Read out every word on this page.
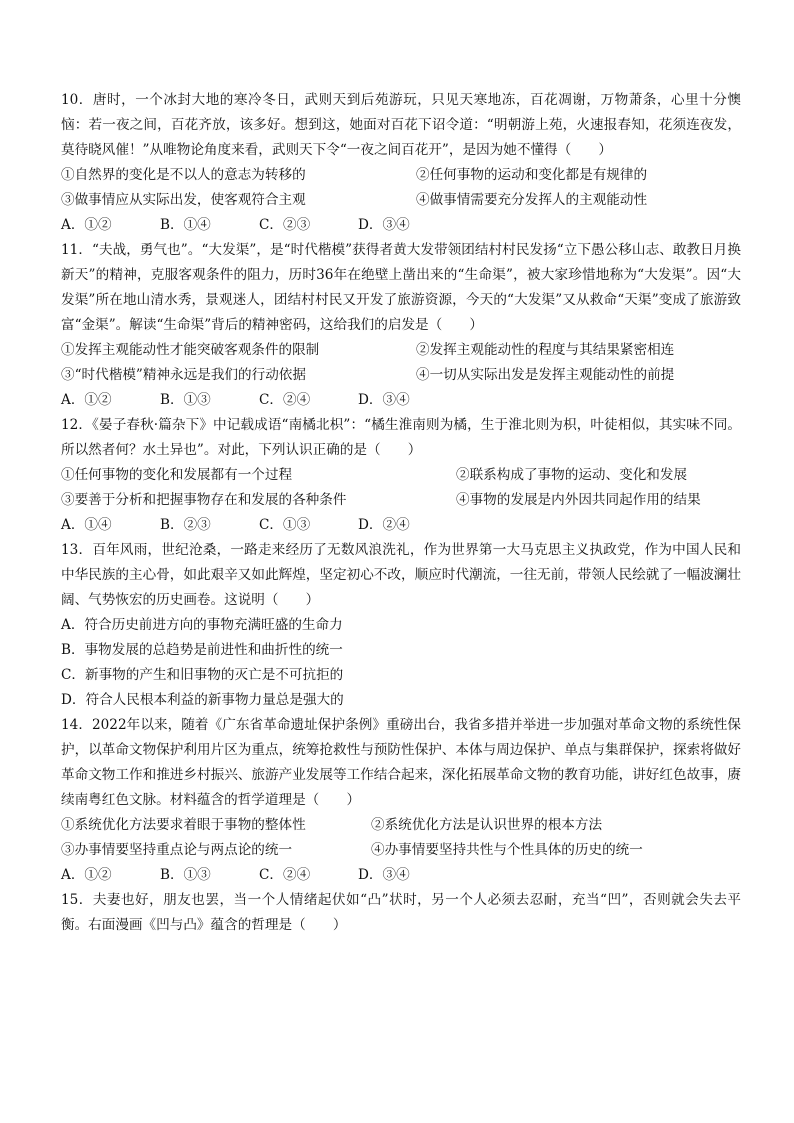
10．唐时，一个冰封大地的寒冷冬日，武则天到后苑游玩，只见天寒地冻，百花凋谢，万物萧条，心里十分懊恼：若一夜之间，百花齐放，该多好。想到这，她面对百花下诏令道：“明朝游上苑，火速报春知，花须连夜发，莫待晓风催！”从唯物论角度来看，武则天下令“一夜之间百花开”，是因为她不懂得（　　）

①自然界的变化是不以人的意志为转移的	②任何事物的运动和变化都是有规律的
③做事情应从实际出发，使客观符合主观	④做事情需要充分发挥人的主观能动性
A．①②	B．①④	C．②③	D．③④

11．“夫战，勇气也”。“大发渠”，是“时代楷模”获得者黄大发带领团结村村民发扬“立下愚公移山志、敢教日月换新天”的精神，克服客观条件的阻力，历时36年在绝壁上凿出来的“生命渠”，被大家珍惜地称为“大发渠”。因“大发渠”所在地山清水秀，景观迷人，团结村村民又开发了旅游资源，今天的“大发渠”又从救命“天渠”变成了旅游致富“金渠”。解读“生命渠”背后的精神密码，这给我们的启发是（　　）

①发挥主观能动性才能突破客观条件的限制	②发挥主观能动性的程度与其结果紧密相连
③“时代楷模”精神永远是我们的行动依据	④一切从实际出发是发挥主观能动性的前提
A．①②	B．①③	C．②④	D．③④

12．《晏子春秋·篇杂下》中记载成语“南橘北枳”：“橘生淮南则为橘，生于淮北则为枳，叶徒相似，其实味不同。所以然者何？水土异也”。对此，下列认识正确的是（　　）

①任何事物的变化和发展都有一个过程	②联系构成了事物的运动、变化和发展
③要善于分析和把握事物存在和发展的各种条件	④事物的发展是内外因共同起作用的结果
A．①④	B．②③	C．①③	D．②④

13．百年风雨，世纪沧桑，一路走来经历了无数风浪洗礼，作为世界第一大马克思主义执政党，作为中国人民和中华民族的主心骨，如此艰辛又如此辉煌，坚定初心不改，顺应时代潮流，一往无前，带领人民绘就了一幅波澜壮阔、气势恢宏的历史画卷。这说明（　　）

A．符合历史前进方向的事物充满旺盛的生命力

B．事物发展的总趋势是前进性和曲折性的统一

C．新事物的产生和旧事物的灭亡是不可抗拒的

D．符合人民根本利益的新事物力量总是强大的

14．2022年以来，随着《广东省革命遗址保护条例》重磅出台，我省多措并举进一步加强对革命文物的系统性保护，以革命文物保护利用片区为重点，统筹抢救性与预防性保护、本体与周边保护、单点与集群保护，探索将做好革命文物工作和推进乡村振兴、旅游产业发展等工作结合起来，深化拓展革命文物的教育功能，讲好红色故事，赓续南粤红色文脉。材料蕴含的哲学道理是（　　）

①系统优化方法要求着眼于事物的整体性	②系统优化方法是认识世界的根本方法
③办事情要坚持重点论与两点论的统一	④办事情要坚持共性与个性具体的历史的统一
A．①②	B．①③	C．②④	D．③④

15．夫妻也好，朋友也罢，当一个人情绪起伏如“凸”状时，另一个人必须去忍耐，充当“凹”，否则就会失去平衡。右面漫画《凹与凸》蕴含的哲理是（　　）
